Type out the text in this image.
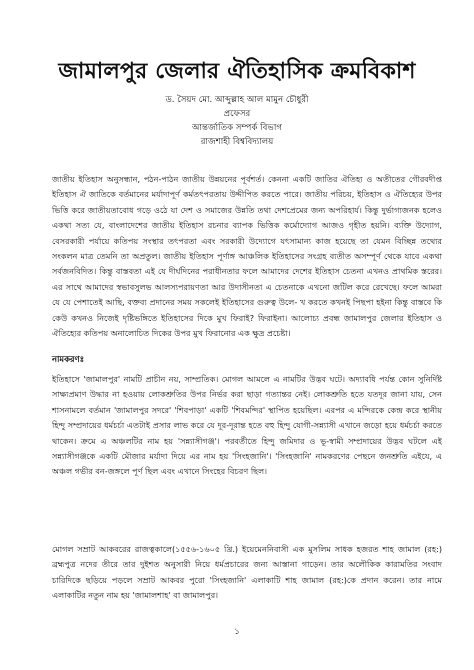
জামালপুর জেলার ঐতিহাসিক ক্রমবিকাশ
ড. সৈয়দ মো. আব্দুল্লাহ আল মামুন চৌধুরী
প্রফেসর
আন্তর্জাতিক সম্পর্ক বিভাগ
রাজশাহী বিশ্ববিদ্যালয়

জাতীয় ইতিহাস অনুসন্ধান, পঠন-পাঠন জাতীয় উন্নয়নের পূর্বশর্ত। কেননা একটি জাতির ঐতিহ্য ও অতীতের গৌরবদীপ্ত ইতিহাস ঐ জাতিকে বর্তমানের মর্যাদাপূর্ণ কর্মতৎপরতায় উদ্দীপিত করতে পারে। জাতীয় পরিচয়, ইতিহাস ও ঐতিহ্যের উপর ভিত্তি করে জাতীয়তাবোধ গড়ে ওঠে যা দেশ ও সমাজের উন্নতি তথা দেশপ্রেমের জন্য অপরিহার্য। কিন্তু দুর্ভাগ্যজনক হলেও একথা সত্য যে, বাংলাদেশের জাতীয় ইতিহাস রচনার ব্যাপক ভিত্তিক কর্মোদ্যোগ আজও গৃহীত হয়নি। ব্যক্তি উদ্যোগ, বেসরকারী পর্যায়ে কতিপয় সংস্থার তৎপরতা এবং সরকারী উদ্যোগে যৎসামান্য কাজ হয়েছে তা যেমন বিচ্ছিন্ন তথ্যের সংকলন মাত্র তেমনি তা অপ্রতুল। জাতীয় ইতিহাস পূর্ণাঙ্গ আঞ্চলিক ইতিহাসের সংগ্রহ ব্যতীত অসম্পূর্ণ থেকে যাবে একথা সর্বজনবিদিত। কিন্তু বাস্তবতা এই যে দীর্ঘদিনের পরাধীনতার ফলে আমাদের দেশের ইতিহাস চেতনা এখনও প্রাথমিক স্তরের। এর সাথে আমাদের স্বভাবসুলভ আলস্যপরায়ণতা আর উদাসীনতা এ চেতনাকে এখনো জটিল করে রেখেছে। ফলে আমরা যে যে পেশাতেই আছি, বক্তব্য প্রদানের সময় সকলেই ইতিহাসের গুরুত্ব উলে- খ করতে কখনই পিছপা হইনা কিন্তু বাস্তবে কি কেউ কখনও নিজেই দৃষ্টিভঙ্গিতে ইতিহাসের দিকে মুখ ফিরাই? ফিরাইনা। আলোচ্য প্রবন্ধ জামালপুর জেলার ইতিহাস ও ঐতিহ্যের কতিপয় অনালোচিত দিকের উপর মুখ ফিরানোর এক ক্ষুদ্র প্রচেষ্টা।

নামকরণঃ

ইতিহাসে 'জামালপুর' নামটি প্রাচীন নয়, সাম্প্রতিক। মোগল আমলে এ নামটির উদ্ভব ঘটে। অদ্যাবধি পর্যন্ত কোন সুনির্দিষ্ট সাক্ষ্যপ্রমাণ উদ্ধার না হওয়ায় লোকশ্রুতির উপর নির্ভর করা ছাড়া গত্যান্তর নেই। লোকশ্রুতি হতে যতদূর জানা যায়, সেন শাসনামলে বর্তমান 'জামালপুর সদরে' 'শিবপাড়া' একটি 'শিবমন্দির' স্থাপিত হয়েছিল। এরপর এ মন্দিরকে কেন্দ্র করে স্থানীয় হিন্দু সম্প্রদায়ের ধর্মচর্চা এতটাই প্রসার লাভ করে যে দূর-দূরান্ত হতে বহু হিন্দু যোগী-সন্ন্যাসী এখানে জড়ো হয়ে ধর্মচর্চা করতে থাকেন। ক্রমে এ অঞ্চলটির নাম হয় 'সন্ন্যাসীগঞ্জ'। পরবর্তীতে হিন্দু জমিদার ও ভূ-স্বামী সম্প্রদায়ের উদ্ভব ঘটলে এই সন্ন্যাসীগঞ্জকে একটি মৌজার মর্যাদা দিয়ে এর নাম হয় 'সিংহজানি'। 'সিংহজানি' নামকরণের পেছনে জনশ্রুতি এইযে, এ অঞ্চল গভীর বন-জঙ্গলে পূর্ণ ছিল এবং এখানে সিংহের বিচরণ ছিল।

মোগল সম্রাট আকবরের রাজত্বকালে(১৫৫৬-১৬০৫ খ্রি.) ইয়েমেননিবাসী এক মুসলিম সাধক হজরত শাহ জামাল (রহ:) ব্রহ্মপুত্র নদের তীরে তার দুইশত অনুসারী নিয়ে ধর্মপ্রচারের জন্য আস্তানা গাড়েন। তার অলৌকিক কারামতির সংবাদ চারিদিকে ছড়িয়ে পড়লে সম্রাট আকবর পুরো 'সিংহজানি' এলাকাটি শাহ জামাল (রহ:)কে প্রদান করেন। তার নামে এলাকাটির নতুন নাম হয় 'জামালশাহ' বা জামালপুর।

১
